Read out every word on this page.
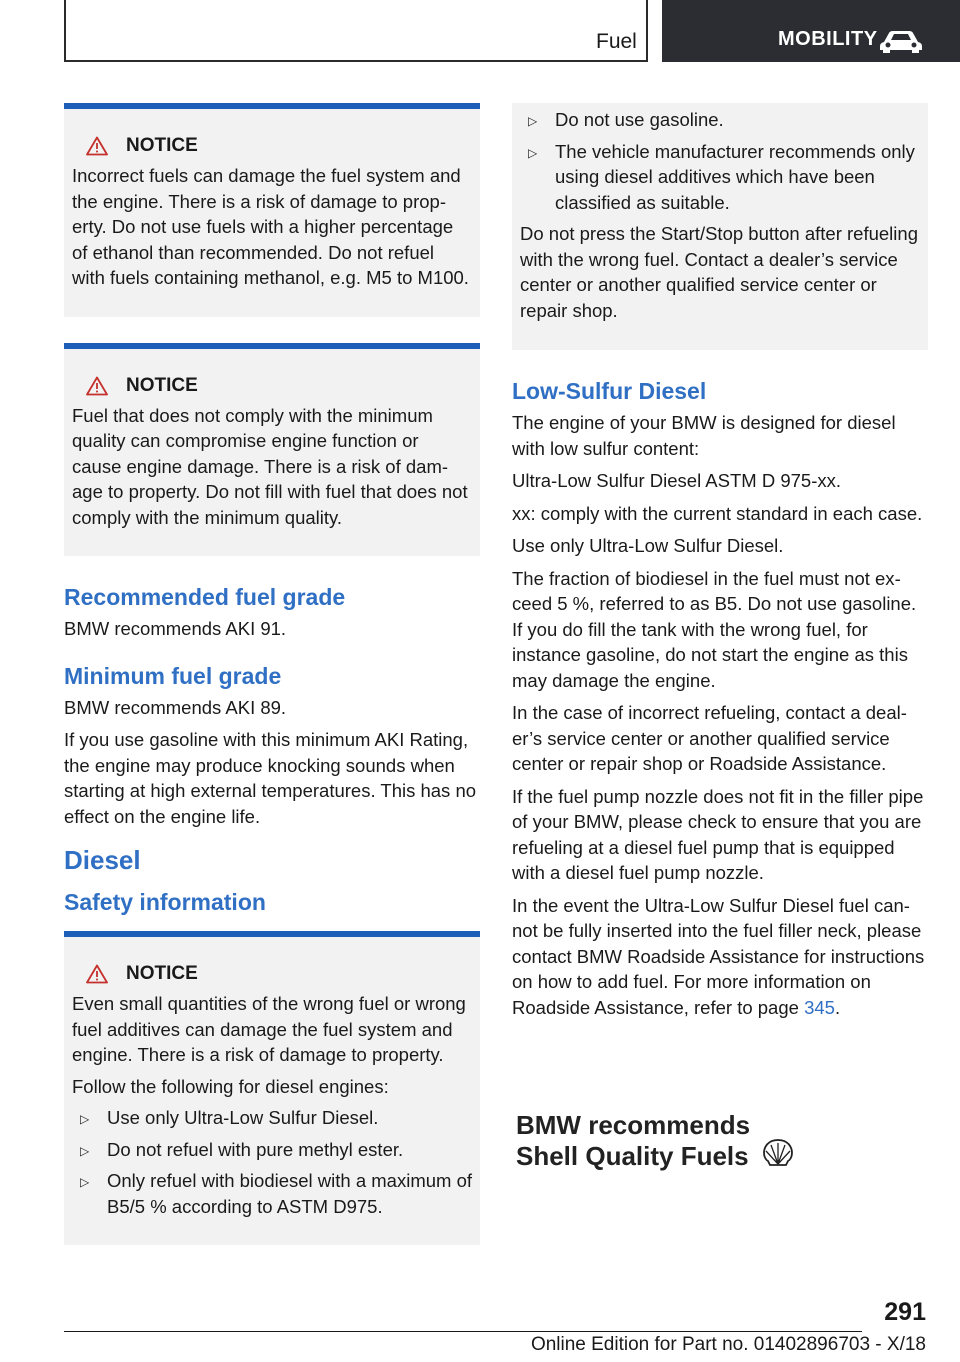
Fuel	MOBILITY
NOTICE

Incorrect fuels can damage the fuel system and the engine. There is a risk of damage to property. Do not use fuels with a higher percentage of ethanol than recommended. Do not refuel with fuels containing methanol, e.g. M5 to M100.

NOTICE

Fuel that does not comply with the minimum quality can compromise engine function or cause engine damage. There is a risk of damage to property. Do not fill with fuel that does not comply with the minimum quality.

Recommended fuel grade

BMW recommends AKI 91.

Minimum fuel grade

BMW recommends AKI 89.

If you use gasoline with this minimum AKI Rating, the engine may produce knocking sounds when starting at high external temperatures. This has no effect on the engine life.

Diesel
Safety information
NOTICE

Even small quantities of the wrong fuel or wrong fuel additives can damage the fuel system and engine. There is a risk of damage to property.

Follow the following for diesel engines:

▷ Use only Ultra-Low Sulfur Diesel.
▷ Do not refuel with pure methyl ester.
▷ Only refuel with biodiesel with a maximum of B5/5 % according to ASTM D975.
▷ Do not use gasoline.
▷ The vehicle manufacturer recommends only using diesel additives which have been classified as suitable.

Do not press the Start/Stop button after refueling with the wrong fuel. Contact a dealer’s service center or another qualified service center or repair shop.

Low-Sulfur Diesel

The engine of your BMW is designed for diesel with low sulfur content:

Ultra-Low Sulfur Diesel ASTM D 975-xx.

xx: comply with the current standard in each case.

Use only Ultra-Low Sulfur Diesel.

The fraction of biodiesel in the fuel must not exceed 5 %, referred to as B5. Do not use gasoline. If you do fill the tank with the wrong fuel, for instance gasoline, do not start the engine as this may damage the engine.

In the case of incorrect refueling, contact a dealer’s service center or another qualified service center or repair shop or Roadside Assistance.

If the fuel pump nozzle does not fit in the filler pipe of your BMW, please check to ensure that you are refueling at a diesel fuel pump that is equipped with a diesel fuel pump nozzle.

In the event the Ultra-Low Sulfur Diesel fuel cannot be fully inserted into the fuel filler neck, please contact BMW Roadside Assistance for instructions on how to add fuel. For more information on Roadside Assistance, refer to page 345.

BMW recommends
Shell Quality Fuels
291
Online Edition for Part no. 01402896703 - X/18
